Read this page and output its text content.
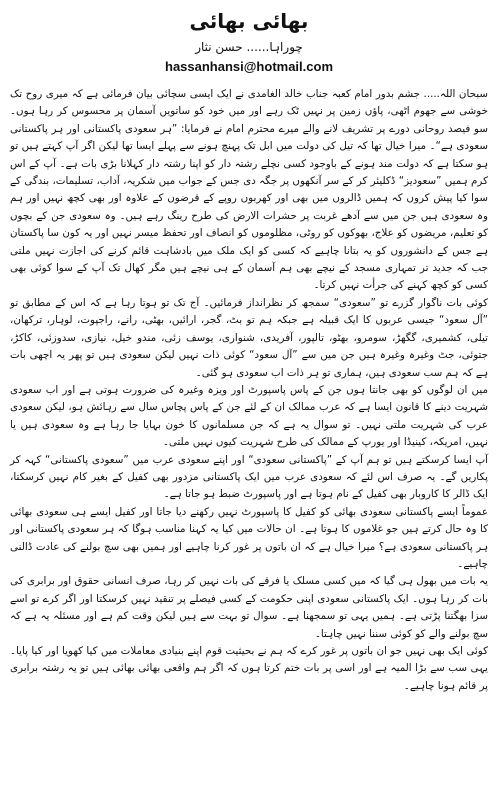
بھائی بھائی
چوراہا...... حسن نثار
hassanhansi@hotmail.com

سبحان اللہ..... جشم بدور امام کعبہ جناب خالد الغامدی نے ایک ایسی سچائی بیان فرمائی ہے کہ میری روح تک خوشی سے جھوم اٹھی، پاؤں زمین پر نہیں ٹک رہے اور میں خود کو ساتویں آسمان پر محسوس کر رہا ہوں۔ سو فیصد روحانی دورے پر تشریف لانے والے میرے محترم امام نے فرمایا: ”ہر سعودی پاکستانی اور ہر پاکستانی سعودی ہے“۔ میرا خیال تھا کہ تیل کی دولت میں ابل تک پہنچ ہونے سے پہلے ایسا تھا لیکن اگر آپ کہتے ہیں تو ہو سکتا ہے کہ دولت مند ہونے کے باوجود کسی نچلے رشتہ دار کو اپنا رشتہ دار کہلانا بڑی بات ہے۔ آپ کے اس کرم ہمیں ”سعودیز“ ڈکلیئر کر کے سر آنکھوں پر جگہ دی جس کے جواب میں شکریہ، آداب، تسلیمات، بندگی کے سوا کیا پیش کروں کہ ہمیں ڈالروں میں بھی اور کھربوں روپے کے قرضوں کے علاوہ اور بھی کچھ نہیں اور ہم وہ سعودی ہیں جن میں سے آدھے غربت پر حشرات الارض کی طرح رینگ رہے ہیں۔ وہ سعودی جن کے بچوں کو تعلیم، مریضوں کو علاج، بھوکوں کو روٹی، مظلوموں کو انصاف اور تحفظ میسر نہیں اور یہ کون سا پاکستان ہے جس کے دانشوروں کو یہ بتانا چاہیے کہ کسی کو ایک ملک میں بادشاہت قائم کرنے کی اجازت نہیں ملتی جب کہ جدید تر تمہاری مسجد کے نیچے بھی ہم آسمان کے ہی نیچے ہیں مگر کھال تک آپ کے سوا کوئی بھی کسی کو کچھ کہنے کی جرأت نہیں کرتا۔

کوئی بات ناگوار گزرے تو ”سعودی“ سمجھ کر نظرانداز فرمائیں۔ آج تک تو ہوتا رہا ہے کہ اس کے مطابق تو ”آل سعود“ جیسی عربوں کا ایک قبیلہ ہے جبکہ ہم تو بٹ، گجر، ارائیں، بھٹی، رانے، راجپوت، لوہار، ترکھان، تیلی، کشمیری، گگھڑ، سومرو، بھٹو، تالپور، آفریدی، شنواری، یوسف زئی، مندو خیل، نیازی، سدوزئی، کاکڑ، جتوئی، جٹ وغیرہ وغیرہ ہیں جن میں سے ”آل سعود“ کوئی ذات نہیں لیکن سعودی ہیں تو پھر یہ اچھی بات ہے کہ ہم سب سعودی ہیں، ہماری تو ہر ذات اب سعودی ہو گئی۔

میں ان لوگوں کو بھی جانتا ہوں جن کے پاس پاسپورٹ اور ویزہ وغیرہ کی ضرورت ہوتی ہے اور اب سعودی شہریت دینے کا قانون ایسا ہے کہ عرب ممالک ان کے لئے جن کے پاس پچاس سال سے رہائش ہو، لیکن سعودی عرب کی شہریت ملتی نہیں۔ تو سوال یہ ہے کہ جن مسلمانوں کا خون بہایا جا رہا ہے وہ سعودی ہیں یا نہیں، امریکہ، کینیڈا اور یورپ کے ممالک کی طرح شہریت کیوں نہیں ملتی۔

آپ ایسا کرسکتے ہیں تو ہم آپ کے ”پاکستانی سعودی“ اور اپنے سعودی عرب میں ”سعودی پاکستانی“ کہہ کر پکاریں گے۔ یہ صرف اس لئے کہ سعودی عرب میں ایک پاکستانی مزدور بھی کفیل کے بغیر کام نہیں کرسکتا، ایک ڈالر کا کاروبار بھی کفیل کے نام ہوتا ہے اور پاسپورٹ ضبط ہو جاتا ہے۔

عموماً ایسے پاکستانی سعودی بھائی کو کفیل کا پاسپورٹ نہیں رکھنے دیا جاتا اور کفیل ایسے ہی سعودی بھائی کا وہ حال کرتے ہیں جو غلاموں کا ہوتا ہے۔ ان حالات میں کیا یہ کہنا مناسب ہوگا کہ ہر سعودی پاکستانی اور ہر پاکستانی سعودی ہے؟ میرا خیال ہے کہ ان باتوں پر غور کرنا چاہیے اور ہمیں بھی سچ بولنے کی عادت ڈالنی چاہیے۔

یہ بات میں بھول ہی گیا کہ میں کسی مسلک یا فرقے کی بات نہیں کر رہا، صرف انسانی حقوق اور برابری کی بات کر رہا ہوں۔ ایک پاکستانی سعودی اپنی حکومت کے کسی فیصلے پر تنقید نہیں کرسکتا اور اگر کرے تو اسے سزا بھگتنا پڑتی ہے۔ ہمیں یہی تو سمجھنا ہے۔ سوال تو بہت سے ہیں لیکن وقت کم ہے اور مسئلہ یہ ہے کہ سچ بولنے والے کو کوئی سننا نہیں چاہتا۔

کوئی ایک بھی نہیں جو ان باتوں پر غور کرے کہ ہم نے بحیثیت قوم اپنے بنیادی معاملات میں کیا کھویا اور کیا پایا۔ یہی سب سے بڑا المیہ ہے اور اسی پر بات ختم کرتا ہوں کہ اگر ہم واقعی بھائی بھائی ہیں تو یہ رشتہ برابری پر قائم ہونا چاہیے۔
